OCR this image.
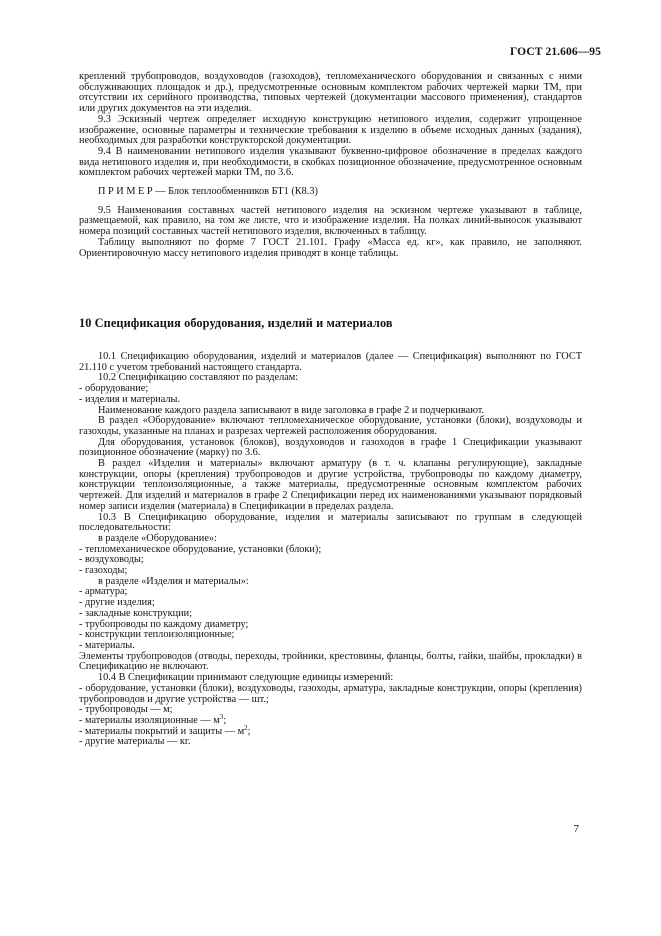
ГОСТ 21.606—95

креплений трубопроводов, воздуховодов (газоходов), тепломеханического оборудования и связанных с ними обслуживающих площадок и др.), предусмотренные основным комплектом рабочих чертежей марки ТМ, при отсутствии их серийного производства, типовых чертежей (документации массового применения), стандартов или других документов на эти изделия.

9.3 Эскизный чертеж определяет исходную конструкцию нетипового изделия, содержит упрощенное изображение, основные параметры и технические требования к изделию в объеме исходных данных (задания), необходимых для разработки конструкторской документации.

9.4 В наименовании нетипового изделия указывают буквенно-цифровое обозначение в пределах каждого вида нетипового изделия и, при необходимости, в скобках позиционное обозначение, предусмотренное основным комплектом рабочих чертежей марки ТМ, по 3.6.

П Р И М Е Р — Блок теплообменников БТ1 (К8.3)

9.5 Наименования составных частей нетипового изделия на эскизном чертеже указывают в таблице, размещаемой, как правило, на том же листе, что и изображение изделия. На полках линий-выносок указывают номера позиций составных частей нетипового изделия, включенных в таблицу.

Таблицу выполняют по форме 7 ГОСТ 21.101. Графу «Масса ед. кг», как правило, не заполняют. Ориентировочную массу нетипового изделия приводят в конце таблицы.

10 Спецификация оборудования, изделий и материалов

10.1 Спецификацию оборудования, изделий и материалов (далее — Спецификация) выполняют по ГОСТ 21.110 с учетом требований настоящего стандарта.

10.2 Спецификацию составляют по разделам:

- оборудование;

- изделия и материалы.

Наименование каждого раздела записывают в виде заголовка в графе 2 и подчеркивают.

В раздел «Оборудование» включают тепломеханическое оборудование, установки (блоки), воздуховоды и газоходы, указанные на планах и разрезах чертежей расположения оборудования.

Для оборудования, установок (блоков), воздуховодов и газоходов в графе 1 Спецификации указывают позиционное обозначение (марку) по 3.6.

В раздел «Изделия и материалы» включают арматуру (в т. ч. клапаны регулирующие), закладные конструкции, опоры (крепления) трубопроводов и другие устройства, трубопроводы по каждому диаметру, конструкции теплоизоляционные, а также материалы, предусмотренные основным комплектом рабочих чертежей. Для изделий и материалов в графе 2 Спецификации перед их наименованиями указывают порядковый номер записи изделия (материала) в Спецификации в пределах раздела.

10.3 В Спецификацию оборудование, изделия и материалы записывают по группам в следующей последовательности:

в разделе «Оборудование»:

- тепломеханическое оборудование, установки (блоки);

- воздуховоды;

- газоходы;

в разделе «Изделия и материалы»:

- арматура;

- другие изделия;

- закладные конструкции;

- трубопроводы по каждому диаметру;

- конструкции теплоизоляционные;

- материалы.

Элементы трубопроводов (отводы, переходы, тройники, крестовины, фланцы, болты, гайки, шайбы, прокладки) в Спецификацию не включают.

10.4 В Спецификации принимают следующие единицы измерений:

- оборудование, установки (блоки), воздуховоды, газоходы, арматура, закладные конструкции, опоры (крепления) трубопроводов и другие устройства — шт.;

- трубопроводы — м;

- материалы изоляционные — $м^3$;

- материалы покрытий и защиты — $м^2$;

- другие материалы — кг.

7
